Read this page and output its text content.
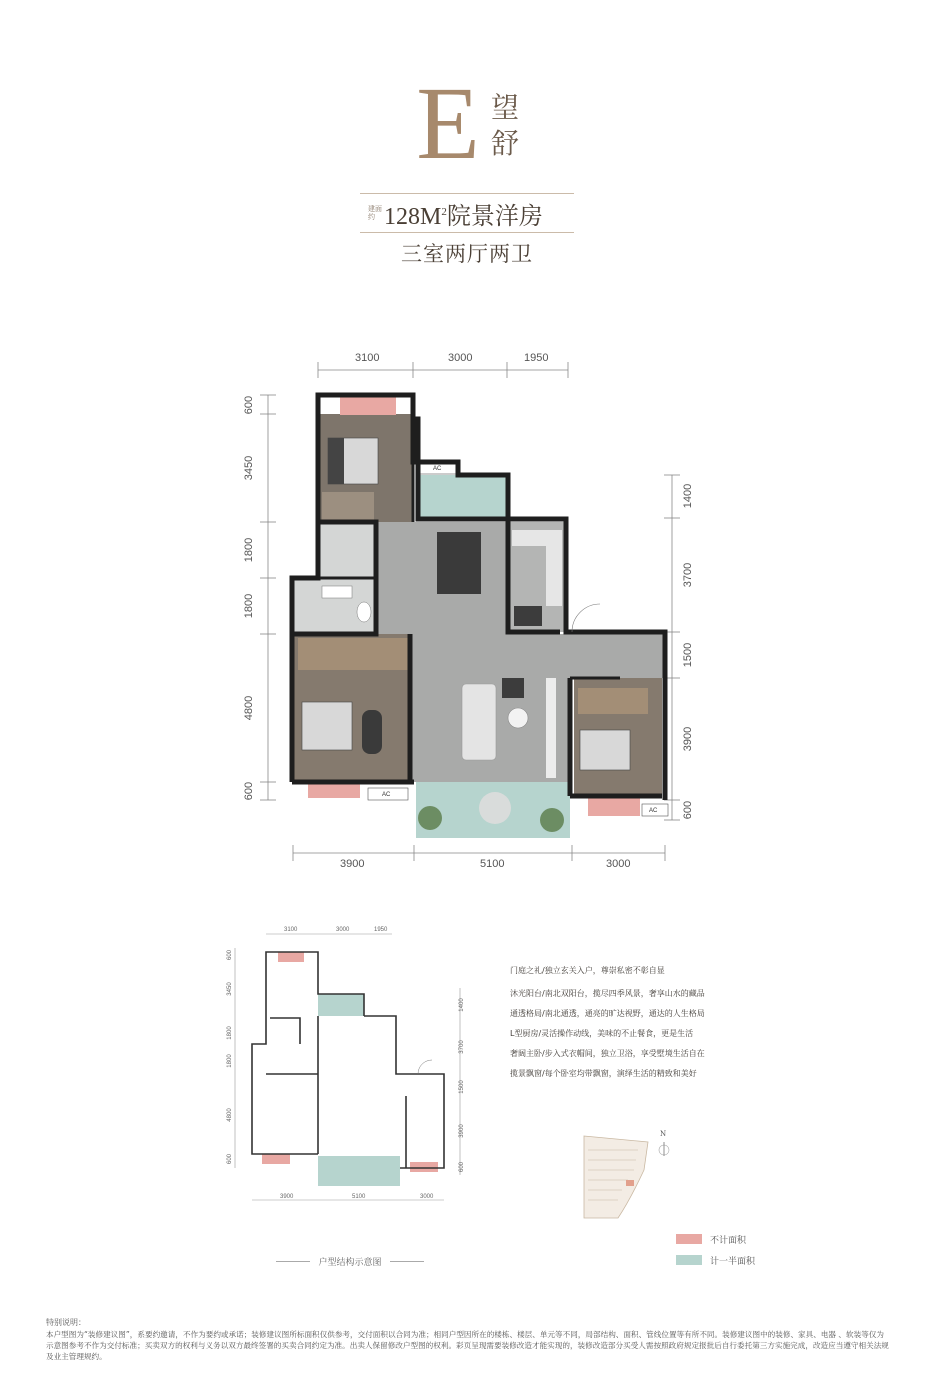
E 望
舒
建面约 $128M^2$院景洋房
三室两厅两卫
AC
AC
AC
3100	3000	1950
600
3450
1800
1800
4800
600
1400
3700
1500
3900
600
3900	5100	3000
3100	3000	1950
600
3450
1800
1800
4800
600
1400
3700
1500
3900
600
3900	5100	3000
户型结构示意图
门庭之礼/独立玄关入户，尊崇私密不彰自显
沐光阳台/南北双阳台，揽尽四季风景，奢享山水的藏品
通透格局/南北通透，通亮的旷达视野，通达的人生格局
L型厨房/灵活操作动线，美味的不止餐食，更是生活
奢阔主卧/步入式衣帽间，独立卫浴，享受墅境生活自在
揽景飘窗/每个卧室均带飘窗，演绎生活的精致和美好
N
不计面积
计一半面积
特别说明：
本户型图为“装修建议图”，系要约邀请，不作为要约或承诺；装修建议图所标面积仅供参考，交付面积以合同为准；相同户型因所在的楼栋、楼层、单元等不同，局部结构、面积、管线位置等有所不同。装修建议图中的装修、家具、电器 、软装等仅为示意图参考不作为交付标准；买卖双方的权利与义务以双方最终签署的买卖合同约定为准。出卖人保留修改户型图的权利。彩页呈现需要装修改造才能实现的，装修改造部分买受人需按照政府规定报批后自行委托第三方实施完成，改造应当遵守相关法规及业主管理规约。
